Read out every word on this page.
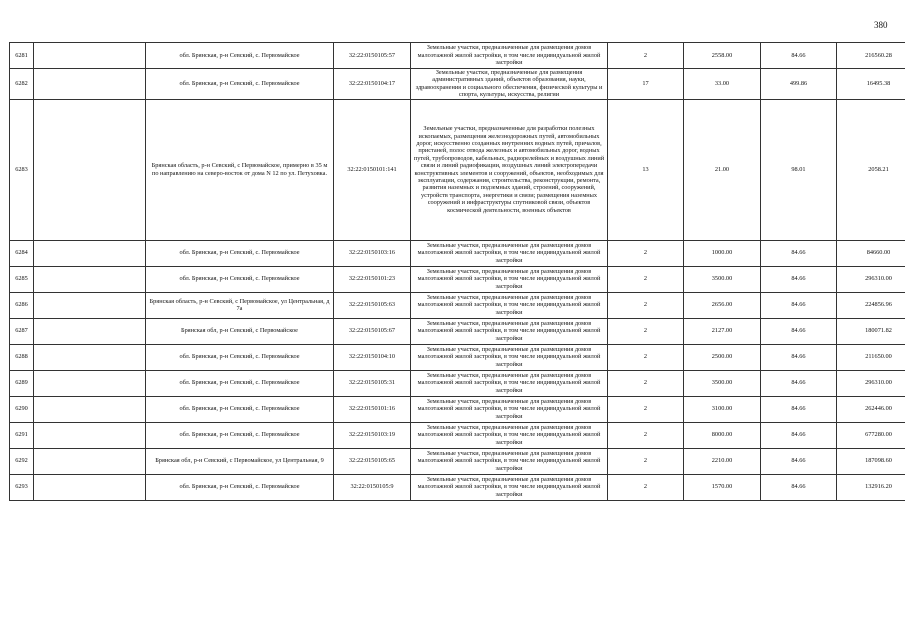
380
6281		обл. Брянская, р-н Севский, с. Первомайское	32:22:0150105:57	Земельные участки, предназначенные для размещения домов малоэтажной жилой застройки, в том числе индивидуальной жилой застройки	2	2558.00	84.66	216560.28
6282		обл. Брянская, р-н Севский, с. Первомайское	32:22:0150104:17	Земельные участки, предназначенные для размещения административных зданий, объектов образования, науки, здравоохранения и социального обеспечения, физической культуры и спорта, культуры, искусства, религии	17	33.00	499.86	16495.38
6283		Брянская область, р-н Севский, с Первомайское, примерно в 35 м по направлению на северо-восток от дома N 12 по ул. Петуховка.	32:22:0150101:141	Земельные участки, предназначенные для разработки полезных ископаемых, размещения железнодорожных путей, автомобильных дорог, искусственно созданных внутренних водных путей, причалов, пристаней, полос отвода железных и автомобильных дорог, водных путей, трубопроводов, кабельных, радиорелейных и воздушных линий связи и линий радиофикации, воздушных линий электропередачи конструктивных элементов и сооружений, объектов, необходимых для эксплуатации, содержания, строительства, реконструкции, ремонта, развития наземных и подземных зданий, строений, сооружений, устройств транспорта, энергетики и связи; размещения наземных сооружений и инфраструктуры спутниковой связи, объектов космической деятельности, военных объектов	13	21.00	98.01	2058.21
6284		обл. Брянская, р-н Севский, с. Первомайское	32:22:0150103:16	Земельные участки, предназначенные для размещения домов малоэтажной жилой застройки, в том числе индивидуальной жилой застройки	2	1000.00	84.66	84660.00
6285		обл. Брянская, р-н Севский, с. Первомайское	32:22:0150101:23	Земельные участки, предназначенные для размещения домов малоэтажной жилой застройки, в том числе индивидуальной жилой застройки	2	3500.00	84.66	296310.00
6286		Брянская область, р-н Севский, с Первомайское, ул Центральная, д 7а	32:22:0150105:63	Земельные участки, предназначенные для размещения домов малоэтажной жилой застройки, в том числе индивидуальной жилой застройки	2	2656.00	84.66	224856.96
6287		Брянская обл, р-н Севский, с Первомайское	32:22:0150105:67	Земельные участки, предназначенные для размещения домов малоэтажной жилой застройки, в том числе индивидуальной жилой застройки	2	2127.00	84.66	180071.82
6288		обл. Брянская, р-н Севский, с. Первомайское	32:22:0150104:10	Земельные участки, предназначенные для размещения домов малоэтажной жилой застройки, в том числе индивидуальной жилой застройки	2	2500.00	84.66	211650.00
6289		обл. Брянская, р-н Севский, с. Первомайское	32:22:0150105:31	Земельные участки, предназначенные для размещения домов малоэтажной жилой застройки, в том числе индивидуальной жилой застройки	2	3500.00	84.66	296310.00
6290		обл. Брянская, р-н Севский, с. Первомайское	32:22:0150101:16	Земельные участки, предназначенные для размещения домов малоэтажной жилой застройки, в том числе индивидуальной жилой застройки	2	3100.00	84.66	262446.00
6291		обл. Брянская, р-н Севский, с. Первомайское	32:22:0150103:19	Земельные участки, предназначенные для размещения домов малоэтажной жилой застройки, в том числе индивидуальной жилой застройки	2	8000.00	84.66	677280.00
6292		Брянская обл, р-н Севский, с Первомайское, ул Центральная, 9	32:22:0150105:65	Земельные участки, предназначенные для размещения домов малоэтажной жилой застройки, в том числе индивидуальной жилой застройки	2	2210.00	84.66	187098.60
6293		обл. Брянская, р-н Севский, с. Первомайское	32:22:0150105:9	Земельные участки, предназначенные для размещения домов малоэтажной жилой застройки, в том числе индивидуальной жилой застройки	2	1570.00	84.66	132916.20
